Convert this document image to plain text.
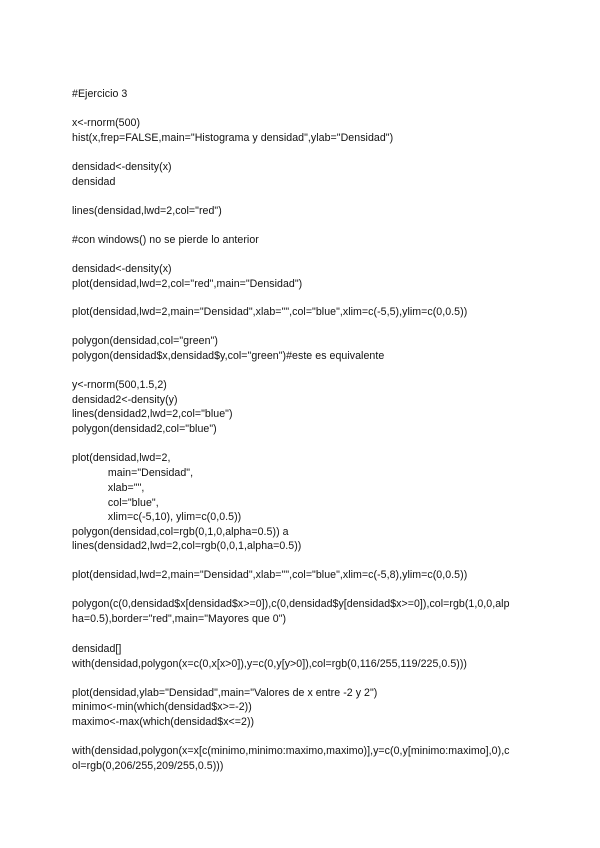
#Ejercicio 3
x<-rnorm(500)
hist(x,frep=FALSE,main="Histograma y densidad",ylab="Densidad")
densidad<-density(x)
densidad
lines(densidad,lwd=2,col="red")
#con windows() no se pierde lo anterior
densidad<-density(x)
plot(densidad,lwd=2,col="red",main="Densidad")
plot(densidad,lwd=2,main="Densidad",xlab="",col="blue",xlim=c(-5,5),ylim=c(0,0.5))
polygon(densidad,col="green")
polygon(densidad$x,densidad$y,col="green")#este es equivalente
y<-rnorm(500,1.5,2)
densidad2<-density(y)
lines(densidad2,lwd=2,col="blue")
polygon(densidad2,col="blue")
plot(densidad,lwd=2,
main="Densidad",
xlab="",
col="blue",
xlim=c(-5,10), ylim=c(0,0.5))
polygon(densidad,col=rgb(0,1,0,alpha=0.5)) a
lines(densidad2,lwd=2,col=rgb(0,0,1,alpha=0.5))
plot(densidad,lwd=2,main="Densidad",xlab="",col="blue",xlim=c(-5,8),ylim=c(0,0.5))
polygon(c(0,densidad$x[densidad$x>=0]),c(0,densidad$y[densidad$x>=0]),col=rgb(1,0,0,alp
ha=0.5),border="red",main="Mayores que 0")
densidad[]
with(densidad,polygon(x=c(0,x[x>0]),y=c(0,y[y>0]),col=rgb(0,116/255,119/225,0.5)))
plot(densidad,ylab="Densidad",main="Valores de x entre -2 y 2")
minimo<-min(which(densidad$x>=-2))
maximo<-max(which(densidad$x<=2))
with(densidad,polygon(x=x[c(minimo,minimo:maximo,maximo)],y=c(0,y[minimo:maximo],0),c
ol=rgb(0,206/255,209/255,0.5)))
